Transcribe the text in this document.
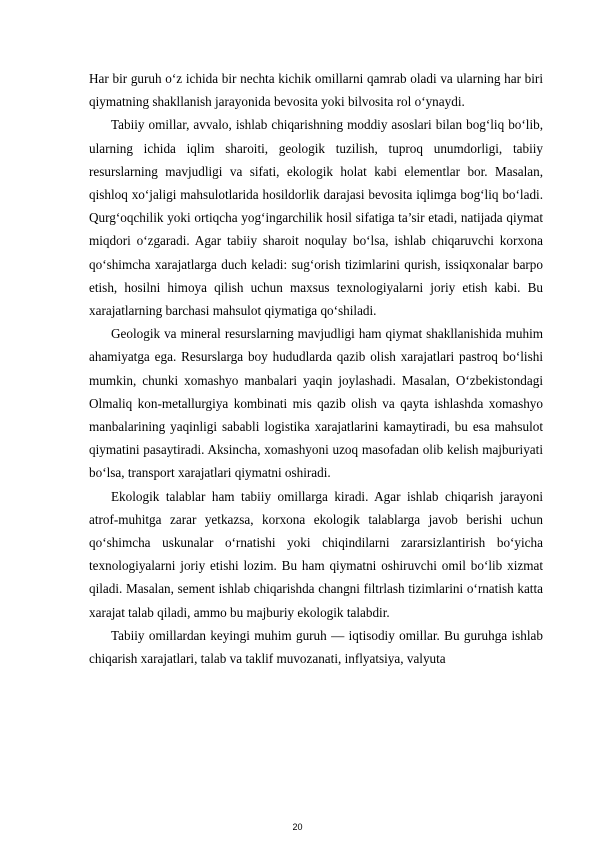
Har bir guruh o‘z ichida bir nechta kichik omillarni qamrab oladi va ularning har biri qiymatning shakllanish jarayonida bevosita yoki bilvosita rol o‘ynaydi.

Tabiiy omillar, avvalo, ishlab chiqarishning moddiy asoslari bilan bog‘liq bo‘lib, ularning ichida iqlim sharoiti, geologik tuzilish, tuproq unumdorligi, tabiiy resurslarning mavjudligi va sifati, ekologik holat kabi elementlar bor. Masalan, qishloq xo‘jaligi mahsulotlarida hosildorlik darajasi bevosita iqlimga bog‘liq bo‘ladi. Qurg‘oqchilik yoki ortiqcha yog‘ingarchilik hosil sifatiga ta’sir etadi, natijada qiymat miqdori o‘zgaradi. Agar tabiiy sharoit noqulay bo‘lsa, ishlab chiqaruvchi korxona qo‘shimcha xarajatlarga duch keladi: sug‘orish tizimlarini qurish, issiqxonalar barpo etish, hosilni himoya qilish uchun maxsus texnologiyalarni joriy etish kabi. Bu xarajatlarning barchasi mahsulot qiymatiga qo‘shiladi.

Geologik va mineral resurslarning mavjudligi ham qiymat shakllanishida muhim ahamiyatga ega. Resurslarga boy hududlarda qazib olish xarajatlari pastroq bo‘lishi mumkin, chunki xomashyo manbalari yaqin joylashadi. Masalan, O‘zbekistondagi Olmaliq kon-metallurgiya kombinati mis qazib olish va qayta ishlashda xomashyo manbalarining yaqinligi sababli logistika xarajatlarini kamaytiradi, bu esa mahsulot qiymatini pasaytiradi. Aksincha, xomashyoni uzoq masofadan olib kelish majburiyati bo‘lsa, transport xarajatlari qiymatni oshiradi.

Ekologik talablar ham tabiiy omillarga kiradi. Agar ishlab chiqarish jarayoni atrof-muhitga zarar yetkazsa, korxona ekologik talablarga javob berishi uchun qo‘shimcha uskunalar o‘rnatishi yoki chiqindilarni zararsizlantirish bo‘yicha texnologiyalarni joriy etishi lozim. Bu ham qiymatni oshiruvchi omil bo‘lib xizmat qiladi. Masalan, sement ishlab chiqarishda changni filtrlash tizimlarini o‘rnatish katta xarajat talab qiladi, ammo bu majburiy ekologik talabdir.

Tabiiy omillardan keyingi muhim guruh — iqtisodiy omillar. Bu guruhga ishlab chiqarish xarajatlari, talab va taklif muvozanati, inflyatsiya, valyuta

20
